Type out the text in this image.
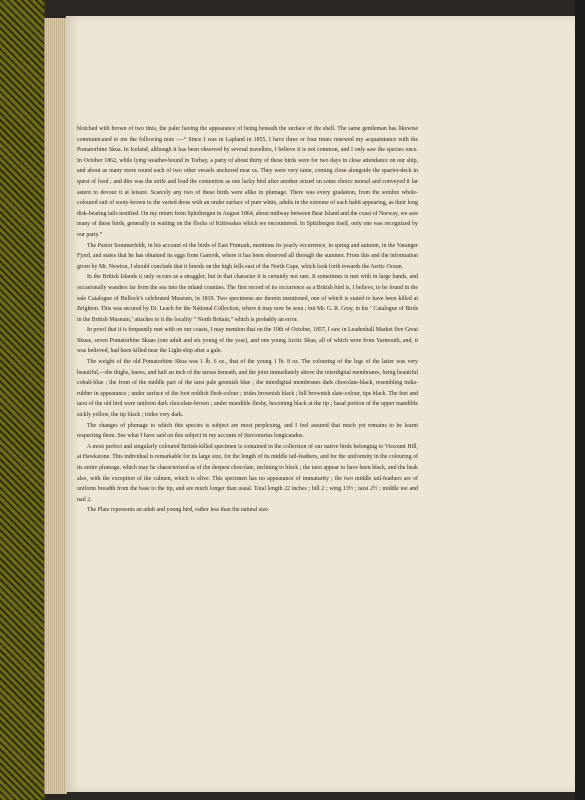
blotched with brown of two tints, the paler having the appearance of being beneath the surface of the shell. The same gentleman has likewise communicated to me the following note :—“ Since I was in Lapland in 1855, I have three or four times renewed my acquaintance with the Pomatorhine Skua. In Iceland, although it has been observed by several travellers, I believe it is not common, and I only saw the species once. In October 1862, while lying weather-bound in Torbay, a party of about thirty of these birds were for two days in close attendance on our ship, and about as many more round each of two other vessels anchored near us. They were very tame, coming close alongside the quarter-deck in quest of food ; and dire was the strife and loud the contention as one lucky bird after another seized on some choice morsel and conveyed it far astern to devour it at leisure. Scarcely any two of these birds were alike in plumage. There was every gradation, from the sombre whole-coloured suit of sooty-brown to the varied dress with an under surface of pure white, adults in the extreme of each habit appearing, as their long disk-bearing tails testified. On my return from Spitzbergen in August 1864, about midway between Bear Island and the coast of Norway, we saw many of these birds, generally in waiting on the flocks of Kittiwakes which we encountered. In Spitzbergen itself, only one was recognized by our party.”

The Pastor Sommerfeldt, in his account of the birds of East Finmark, mentions its yearly occurrence, in spring and autumn, in the Varanger Fjord, and states that he has obtained its eggs from Gamvik, where it has been observed all through the summer. From this and the information given by Mr. Newton, I should conclude that it breeds on the high fells east of the North Cape, which look forth towards the Arctic Ocean.

In the British Islands it only occurs as a straggler, but in that character it is certainly not rare. It sometimes is met with in large bands, and occasionally wanders far from the sea into the inland counties. The first record of its occurrence as a British bird is, I believe, to be found in the sale Catalogue of Bullock’s celebrated Museum, in 1819. Two specimens are therein mentioned, one of which is stated to have been killed at Brighton. This was secured by Dr. Leach for the National Collection, where it may now be seen ; but Mr. G. R. Gray, in his ‘ Catalogue of Birds in the British Museum,’ attaches to it the locality “ North Britain,” which is probably an error.

In proof that it is frequently met with on our coasts, I may mention that on the 19th of October, 1857, I saw in Leadenhall Market five Great Skuas, seven Pomatorhine Skuas (one adult and six young of the year), and one young Arctic Skua, all of which were from Yarmouth, and, it was believed, had been killed near the Light-ship after a gale.

The weight of the old Pomatorhine Skua was 1 lb. 6 oz., that of the young 1 lb. 8 oz. The colouring of the legs of the latter was very beautiful,—the thighs, knees, and half an inch of the tarsus beneath, and the joint immediately above the interdigital membranes, being beautiful cobalt-blue ; the front of the middle part of the tarsi pale greenish blue ; the interdigital membranes dark chocolate-black, resembling india-rubber in appearance ; under surface of the foot reddish flesh-colour ; irides brownish black ; bill brownish slate-colour, tips black. The feet and tarsi of the old bird were uniform dark chocolate-brown ; under mandible fleshy, becoming black at the tip ; basal portion of the upper mandible sickly yellow, the tip black ; irides very dark.

The changes of plumage to which this species is subject are most perplexing, and I feel assured that much yet remains to be learnt respecting them. See what I have said on this subject in my account of Stercorarius longicaudus.

A most perfect and singularly coloured British-killed specimen is contained in the collection of our native birds belonging to Viscount Hill, at Hawkstone. This individual is remarkable for its large size, for the length of its middle tail-feathers, and for the uniformity in the colouring of its entire plumage, which may be characterized as of the deepest chocolate, inclining to black ; the tarsi appear to have been black, and the beak also, with the exception of the culmen, which is olive. This specimen has no appearance of immaturity ; the two middle tail-feathers are of uniform breadth from the base to the tip, and are much longer than usual. Total length 22 inches ; bill 2 ; wing 13½ ; tarsi 2½ ; middle toe and nail 2.

The Plate represents an adult and young bird, rather less than the natural size.
